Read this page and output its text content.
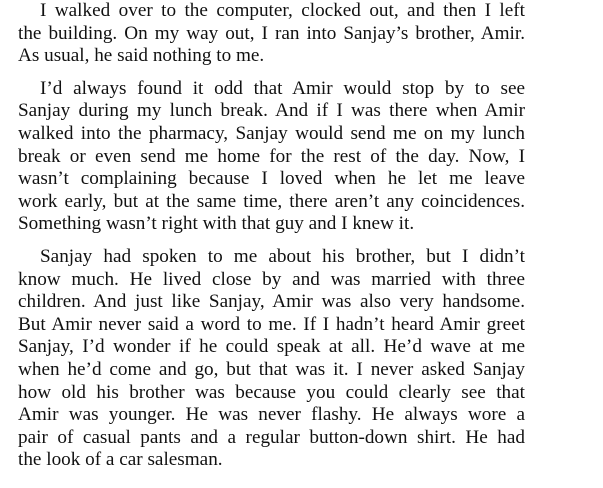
I walked over to the computer, clocked out, and then I left
the building. On my way out, I ran into Sanjay’s brother, Amir.
As usual, he said nothing to me.

I’d always found it odd that Amir would stop by to see
Sanjay during my lunch break. And if I was there when Amir
walked into the pharmacy, Sanjay would send me on my lunch
break or even send me home for the rest of the day. Now, I
wasn’t complaining because I loved when he let me leave
work early, but at the same time, there aren’t any coincidences.
Something wasn’t right with that guy and I knew it.

Sanjay had spoken to me about his brother, but I didn’t
know much. He lived close by and was married with three
children. And just like Sanjay, Amir was also very handsome.
But Amir never said a word to me. If I hadn’t heard Amir greet
Sanjay, I’d wonder if he could speak at all. He’d wave at me
when he’d come and go, but that was it. I never asked Sanjay
how old his brother was because you could clearly see that
Amir was younger. He was never flashy. He always wore a
pair of casual pants and a regular button-down shirt. He had
the look of a car salesman.
